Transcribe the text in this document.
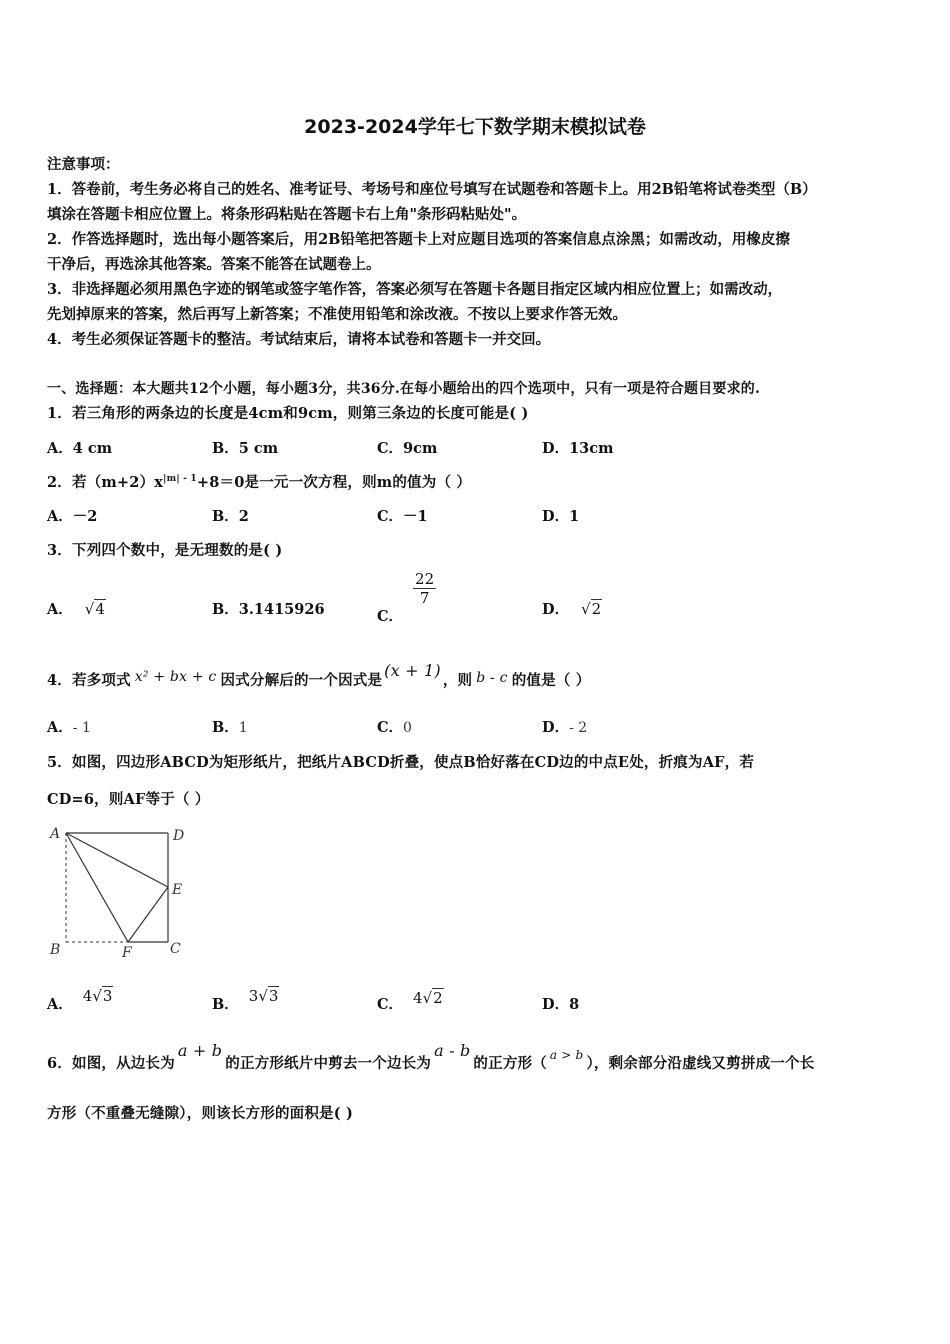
2023-2024学年七下数学期末模拟试卷
注意事项：
1．答卷前，考生务必将自己的姓名、准考证号、考场号和座位号填写在试题卷和答题卡上。用2B铅笔将试卷类型（B）
填涂在答题卡相应位置上。将条形码粘贴在答题卡右上角"条形码粘贴处"。
2．作答选择题时，选出每小题答案后，用2B铅笔把答题卡上对应题目选项的答案信息点涂黑；如需改动，用橡皮擦
干净后，再选涂其他答案。答案不能答在试题卷上。
3．非选择题必须用黑色字迹的钢笔或签字笔作答，答案必须写在答题卡各题目指定区域内相应位置上；如需改动，
先划掉原来的答案，然后再写上新答案；不准使用铅笔和涂改液。不按以上要求作答无效。
4．考生必须保证答题卡的整洁。考试结束后，请将本试卷和答题卡一并交回。
一、选择题：本大题共12个小题，每小题3分，共36分.在每小题给出的四个选项中，只有一项是符合题目要求的.
1．若三角形的两条边的长度是4cm和9cm，则第三条边的长度可能是( )
A．4 cm	B．5 cm	C．9cm	D．13cm
2．若$(m+2)x^{|m| - 1}+8=0$是一元一次方程，则m的值为（ ）
A．－2	B．2	C．－1	D．1
3．下列四个数中，是无理数的是( )
A． √4	B．3.1415926	C．
$\frac{22}{7}$
D． √2
4．若多项式 x² + bx + c 因式分解后的一个因式是(x + 1)，则 b - c 的值是（ ）
A．- 1	B．1	C．0	D．- 2
5．如图，四边形ABCD为矩形纸片，把纸片ABCD折叠，使点B恰好落在CD边的中点E处，折痕为AF，若
CD=6，则AF等于（ ）
A	D
E
B	F	C
A． 4√3	B． 3√3	C． 4√2	D．8
6．如图，从边长为a + b的正方形纸片中剪去一个边长为a - b的正方形（ $^{a > b}$ ），剩余部分沿虚线又剪拼成一个长
方形（不重叠无缝隙），则该长方形的面积是( )
